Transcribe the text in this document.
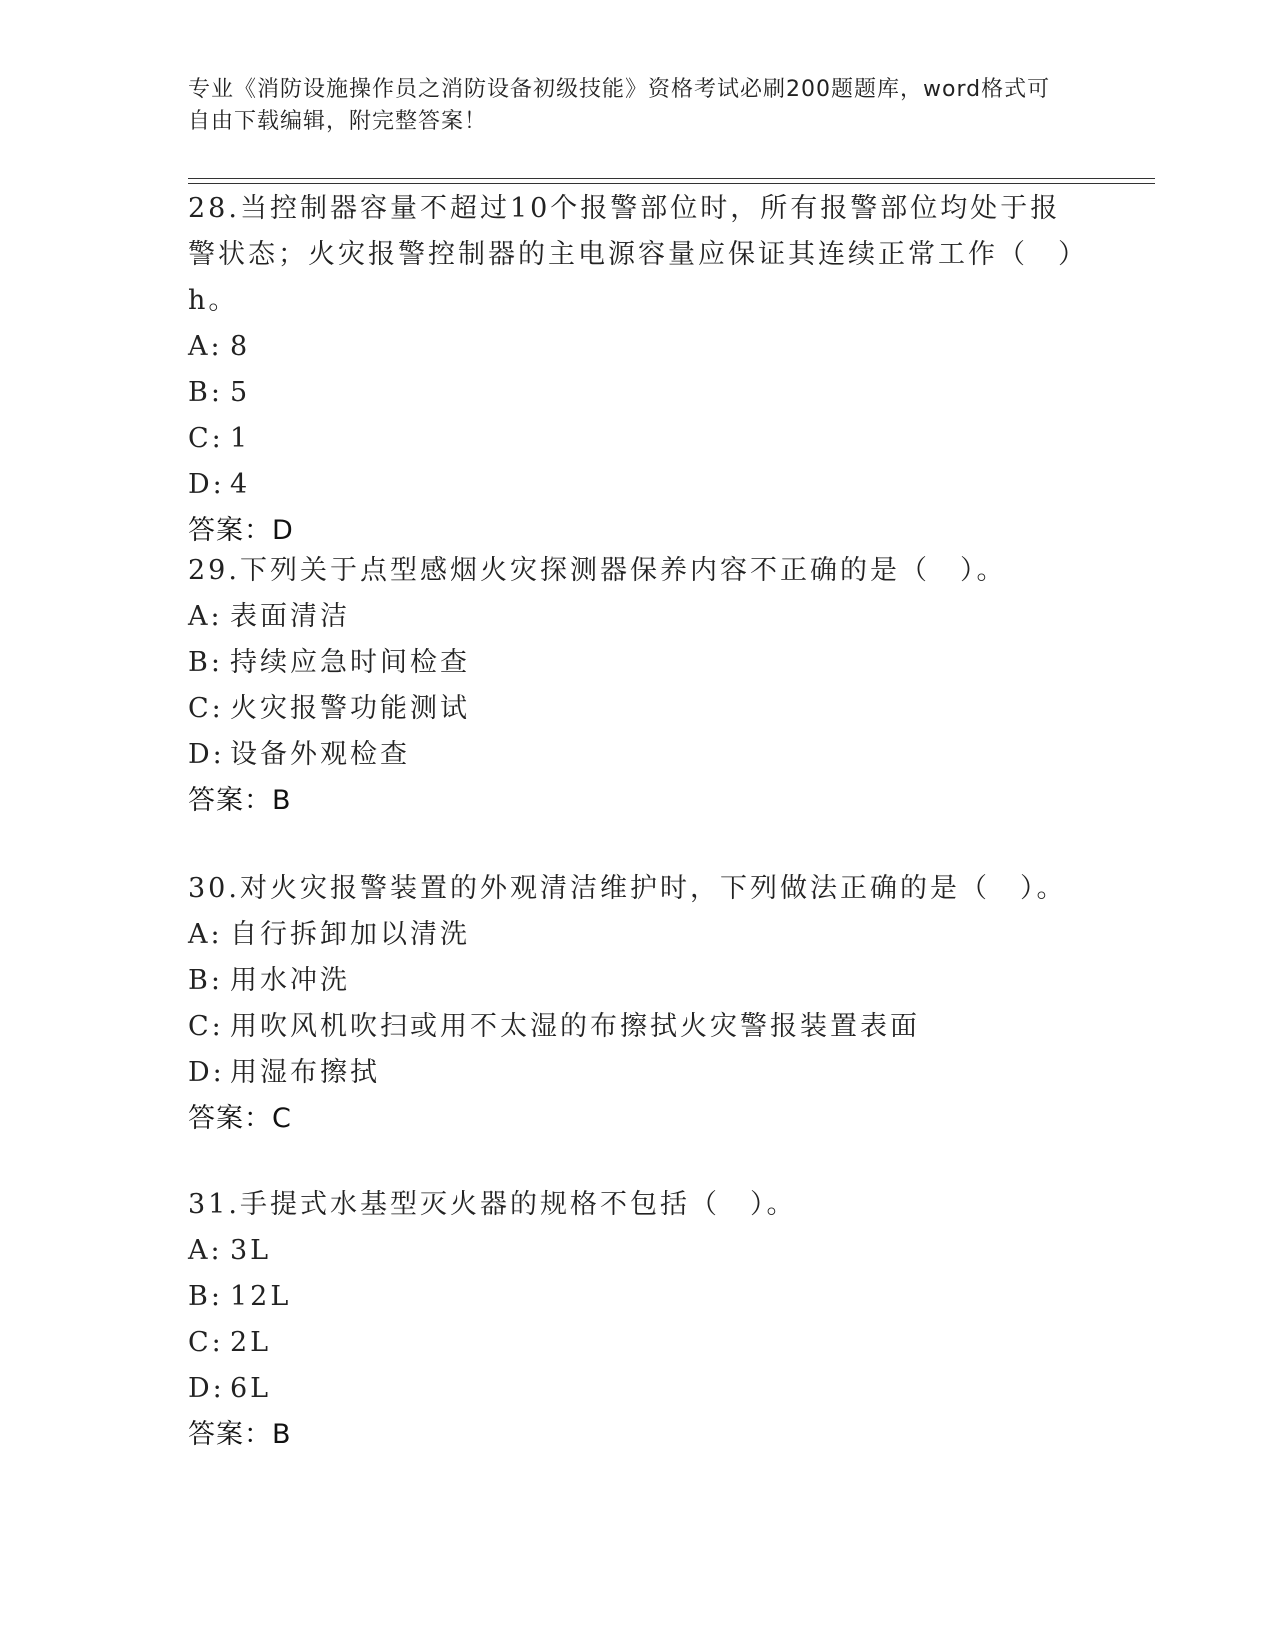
专业《消防设施操作员之消防设备初级技能》资格考试必刷200题题库，word格式可自由下载编辑，附完整答案！
28.当控制器容量不超过10个报警部位时，所有报警部位均处于报警状态；火灾报警控制器的主电源容量应保证其连续正常工作（　）h。
A: 8
B: 5
C: 1
D: 4
答案：D
29.下列关于点型感烟火灾探测器保养内容不正确的是（　）。
A: 表面清洁
B: 持续应急时间检查
C: 火灾报警功能测试
D: 设备外观检查
答案：B
30.对火灾报警装置的外观清洁维护时，下列做法正确的是（　）。
A: 自行拆卸加以清洗
B: 用水冲洗
C: 用吹风机吹扫或用不太湿的布擦拭火灾警报装置表面
D: 用湿布擦拭
答案：C
31.手提式水基型灭火器的规格不包括（　）。
A: 3L
B: 12L
C: 2L
D: 6L
答案：B
